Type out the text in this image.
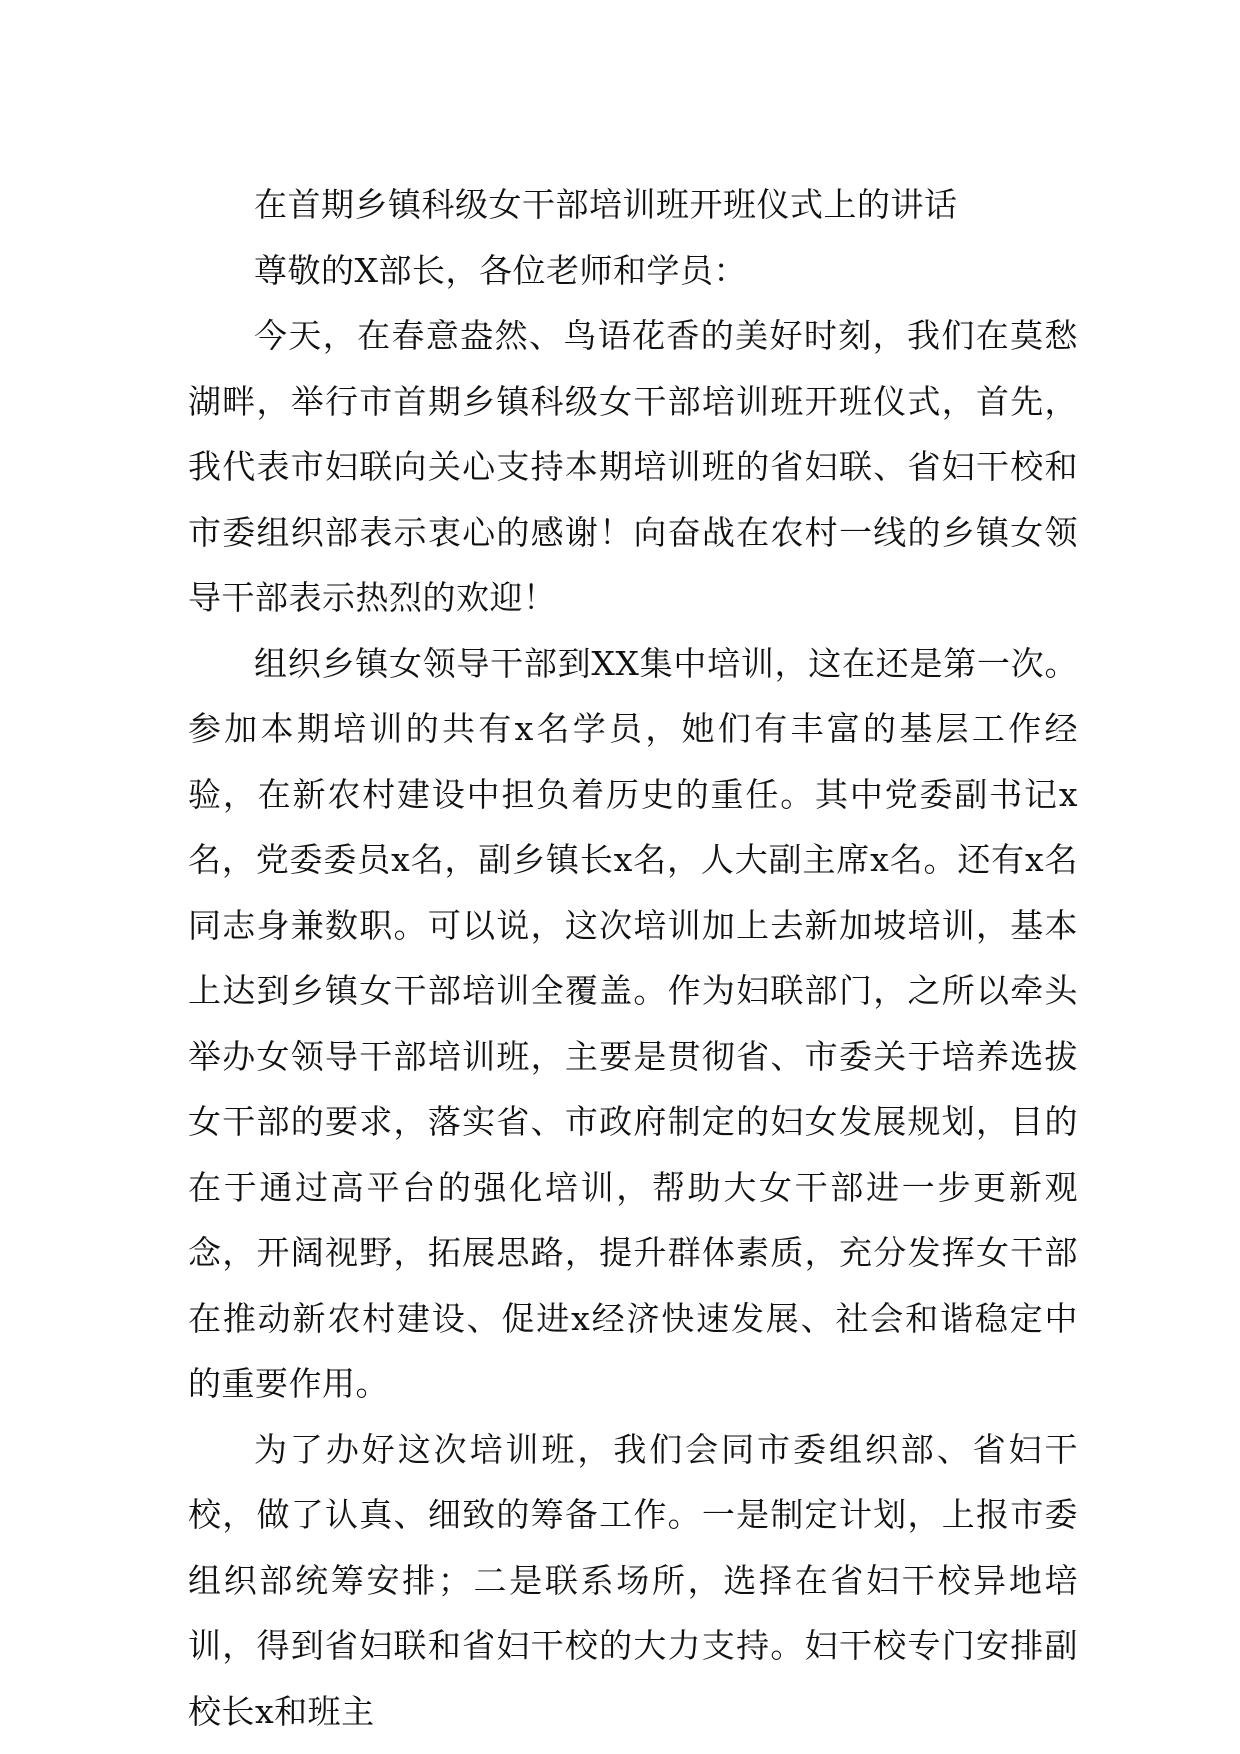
在首期乡镇科级女干部培训班开班仪式上的讲话

尊敬的X部长，各位老师和学员：

今天，在春意盎然、鸟语花香的美好时刻，我们在莫愁湖畔，举行市首期乡镇科级女干部培训班开班仪式，首先，我代表市妇联向关心支持本期培训班的省妇联、省妇干校和市委组织部表示衷心的感谢！向奋战在农村一线的乡镇女领导干部表示热烈的欢迎！

组织乡镇女领导干部到XX集中培训，这在还是第一次。参加本期培训的共有x名学员，她们有丰富的基层工作经验，在新农村建设中担负着历史的重任。其中党委副书记x名，党委委员x名，副乡镇长x名，人大副主席x名。还有x名同志身兼数职。可以说，这次培训加上去新加坡培训，基本上达到乡镇女干部培训全覆盖。作为妇联部门，之所以牵头举办女领导干部培训班，主要是贯彻省、市委关于培养选拔女干部的要求，落实省、市政府制定的妇女发展规划，目的在于通过高平台的强化培训，帮助大女干部进一步更新观念，开阔视野，拓展思路，提升群体素质，充分发挥女干部在推动新农村建设、促进x经济快速发展、社会和谐稳定中的重要作用。

为了办好这次培训班，我们会同市委组织部、省妇干校，做了认真、细致的筹备工作。一是制定计划，上报市委组织部统筹安排；二是联系场所，选择在省妇干校异地培训，得到省妇联和省妇干校的大力支持。妇干校专门安排副校长x和班主
